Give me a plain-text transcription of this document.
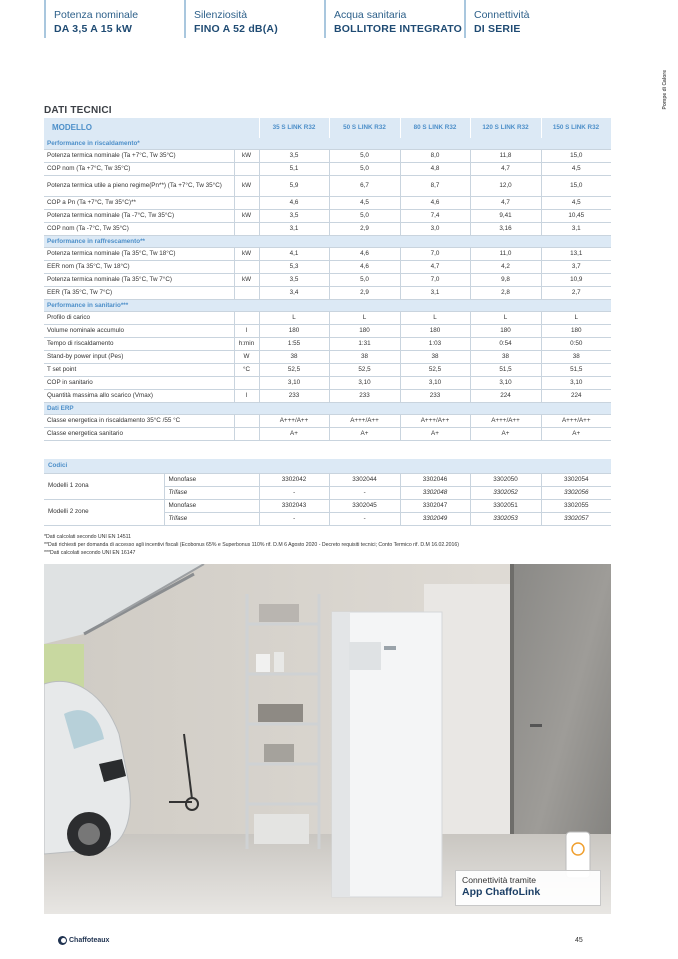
Potenza nominale
DA 3,5 A 15 kW
Silenziosità
FINO A 52 dB(A)
Acqua sanitaria
BOLLITORE INTEGRATO
Connettività
DI SERIE
Pompe di Calore
DATI TECNICI
MODELLO		35 S LINK R32	50 S LINK R32	80 S LINK R32	120 S LINK R32	150 S LINK R32
Performance in riscaldamento*						
Potenza termica nominale (Ta +7°C, Tw 35°C)	kW	3,5	5,0	8,0	11,8	15,0
COP nom (Ta +7°C, Tw 35°C)		5,1	5,0	4,8	4,7	4,5
Potenza termica utile a pieno regime(Pn**) (Ta +7°C, Tw 35°C)	kW	5,9	6,7	8,7	12,0	15,0
COP a Pn (Ta +7°C, Tw 35°C)**		4,6	4,5	4,6	4,7	4,5
Potenza termica nominale (Ta -7°C, Tw 35°C)	kW	3,5	5,0	7,4	9,41	10,45
COP nom (Ta -7°C, Tw 35°C)		3,1	2,9	3,0	3,16	3,1
Performance in raffrescamento**						
Potenza termica nominale (Ta 35°C, Tw 18°C)	kW	4,1	4,6	7,0	11,0	13,1
EER nom (Ta 35°C, Tw 18°C)		5,3	4,6	4,7	4,2	3,7
Potenza termica nominale (Ta 35°C, Tw 7°C)	kW	3,5	5,0	7,0	9,8	10,9
EER (Ta 35°C, Tw 7°C)		3,4	2,9	3,1	2,8	2,7
Performance in sanitario***						
Profilo di carico		L	L	L	L	L
Volume nominale accumulo	l	180	180	180	180	180
Tempo di riscaldamento	h:min	1:55	1:31	1:03	0:54	0:50
Stand-by power input (Pes)	W	38	38	38	38	38
T set point	°C	52,5	52,5	52,5	51,5	51,5
COP in sanitario		3,10	3,10	3,10	3,10	3,10
Quantità massima allo scarico (Vmax)	l	233	233	233	224	224
Dati ERP						
Classe energetica in riscaldamento 35°C /55 °C		A+++/A++	A+++/A++	A+++/A++	A+++/A++	A+++/A++
Classe energetica sanitario		A+	A+	A+	A+	A+
Codici						
Modelli 1 zona	Monofase	3302042	3302044	3302046	3302050	3302054
	Trifase	-	-	3302048	3302052	3302056
Modelli 2 zone	Monofase	3302043	3302045	3302047	3302051	3302055
	Trifase	-	-	3302049	3302053	3302057
*Dati calcolati secondo UNI EN 14511
**Dati richiesti per domanda di accesso agli incentivi fiscali (Ecobonus 65% e Superbonus 110% rif. D.M 6 Agosto 2020 - Decreto requisiti tecnici; Conto Termico rif. D.M 16.02.2016)
***Dati calcolati secondo UNI EN 16147
Connettività tramite
App ChaffoLink
Chaffoteaux	45
